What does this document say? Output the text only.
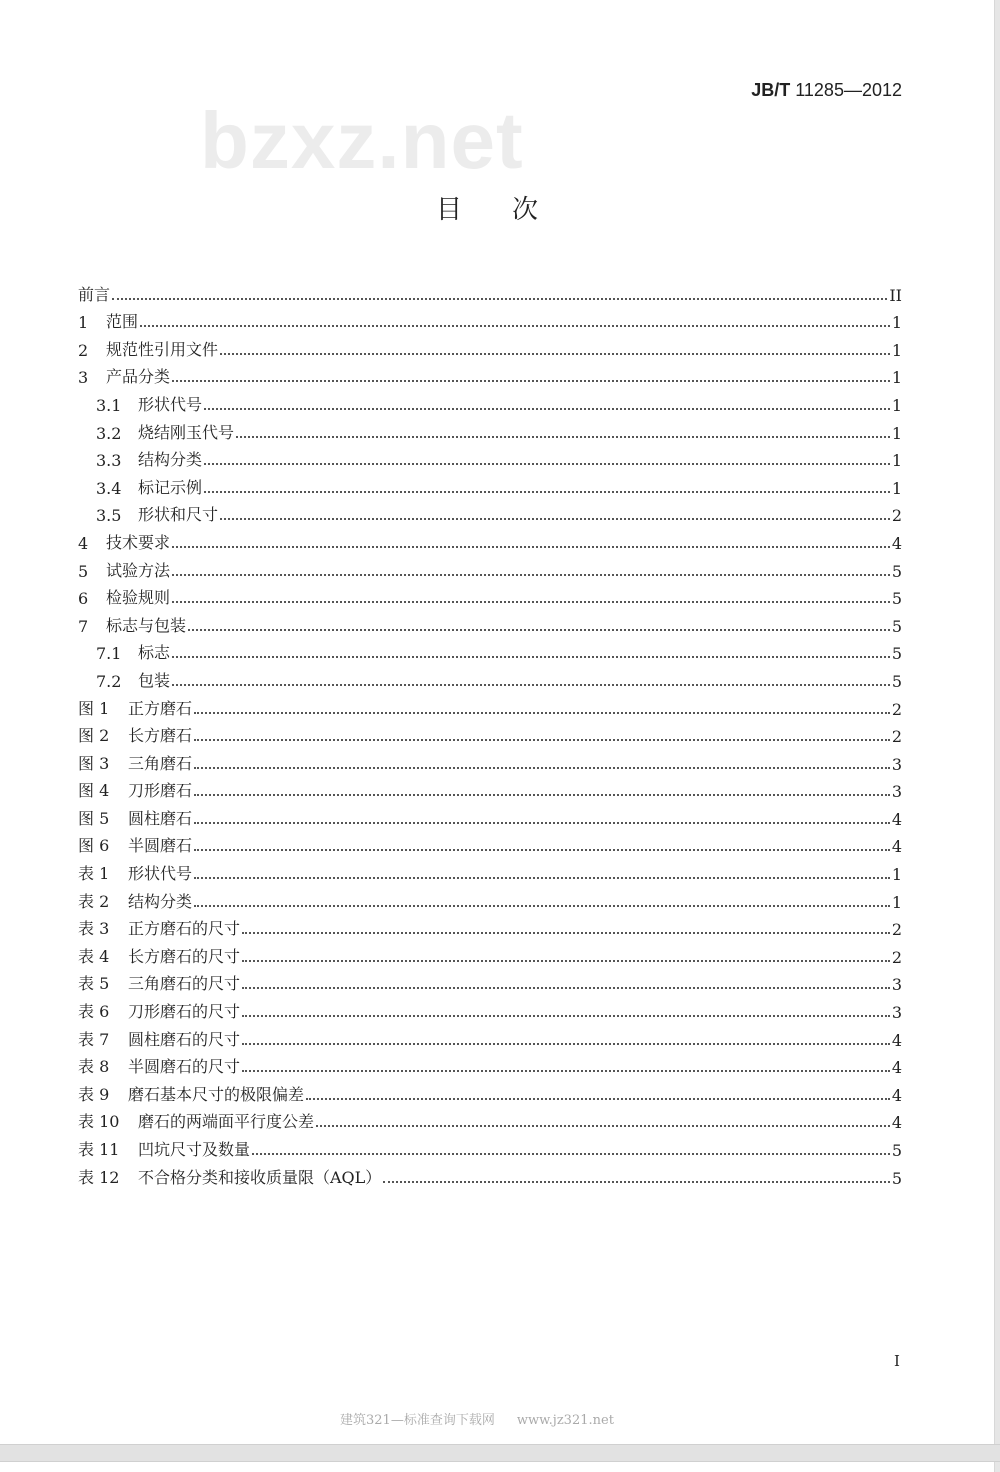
JB/T 11285—2012
bzxz.net
目次
前言	II
1	范围	1
2	规范性引用文件	1
3	产品分类	1
3.1	形状代号	1
3.2	烧结刚玉代号	1
3.3	结构分类	1
3.4	标记示例	1
3.5	形状和尺寸	2
4	技术要求	4
5	试验方法	5
6	检验规则	5
7	标志与包装	5
7.1	标志	5
7.2	包装	5
图 1	正方磨石	2
图 2	长方磨石	2
图 3	三角磨石	3
图 4	刀形磨石	3
图 5	圆柱磨石	4
图 6	半圆磨石	4
表 1	形状代号	1
表 2	结构分类	1
表 3	正方磨石的尺寸	2
表 4	长方磨石的尺寸	2
表 5	三角磨石的尺寸	3
表 6	刀形磨石的尺寸	3
表 7	圆柱磨石的尺寸	4
表 8	半圆磨石的尺寸	4
表 9	磨石基本尺寸的极限偏差	4
表 10	磨石的两端面平行度公差	4
表 11	凹坑尺寸及数量	5
表 12	不合格分类和接收质量限（AQL）	5
I
建筑321—标准查询下载网 www.jz321.net
